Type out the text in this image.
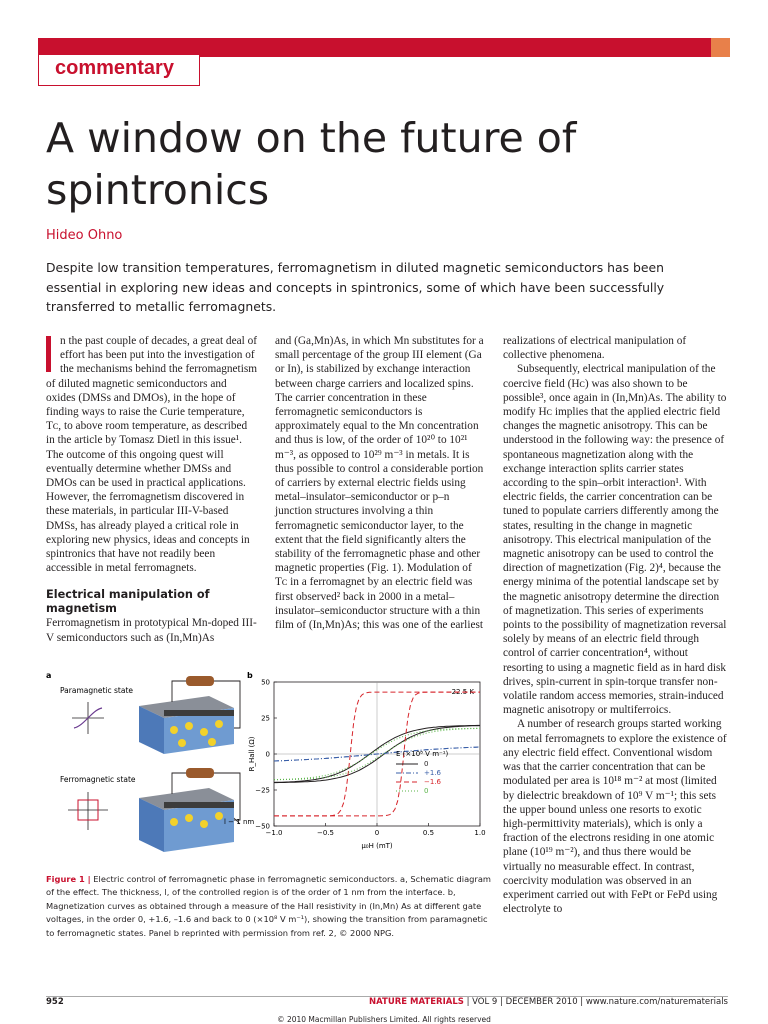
commentary
A window on the future of spintronics
Hideo Ohno

Despite low transition temperatures, ferromagnetism in diluted magnetic semiconductors has been essential in exploring new ideas and concepts in spintronics, some of which have been successfully transferred to metallic ferromagnets.

n the past couple of decades, a great deal of effort has been put into the investigation of the mechanisms behind the ferromagnetism of diluted magnetic semiconductors and oxides (DMSs and DMOs), in the hope of finding ways to raise the Curie temperature, Tᴄ, to above room temperature, as described in the article by Tomasz Dietl in this issue¹. The outcome of this ongoing quest will eventually determine whether DMSs and DMOs can be used in practical applications. However, the ferromagnetism discovered in these materials, in particular III-V-based DMSs, has already played a critical role in exploring new physics, ideas and concepts in spintronics that have not readily been accessible in metal ferromagnets.

Electrical manipulation of magnetism

Ferromagnetism in prototypical Mn-doped III-V semiconductors such as (In,Mn)As

and (Ga,Mn)As, in which Mn substitutes for a small percentage of the group III element (Ga or In), is stabilized by exchange interaction between charge carriers and localized spins. The carrier concentration in these ferromagnetic semiconductors is approximately equal to the Mn concentration and thus is low, of the order of 10²⁰ to 10²¹ m⁻³, as opposed to 10²⁹ m⁻³ in metals. It is thus possible to control a considerable portion of carriers by external electric fields using metal–insulator–semiconductor or p–n junction structures involving a thin ferromagnetic semiconductor layer, to the extent that the field significantly alters the stability of the ferromagnetic phase and other magnetic properties (Fig. 1). Modulation of Tᴄ in a ferromagnet by an electric field was first observed² back in 2000 in a metal–insulator–semiconductor structure with a thin film of (In,Mn)As; this was one of the earliest

realizations of electrical manipulation of collective phenomena.

Subsequently, electrical manipulation of the coercive field (Hᴄ) was also shown to be possible³, once again in (In,Mn)As. The ability to modify Hᴄ implies that the applied electric field changes the magnetic anisotropy. This can be understood in the following way: the presence of spontaneous magnetization along with the exchange interaction splits carrier states according to the spin–orbit interaction¹. With electric fields, the carrier concentration can be tuned to populate carriers differently among the states, resulting in the change in magnetic anisotropy. This electrical manipulation of the magnetic anisotropy can be used to control the direction of magnetization (Fig. 2)⁴, because the energy minima of the potential landscape set by the magnetic anisotropy determine the direction of magnetization. This series of experiments points to the possibility of magnetization reversal solely by means of an electric field through control of carrier concentration⁴, without resorting to using a magnetic field as in hard disk drives, spin-current in spin-torque transfer non-volatile random access memories, strain-induced magnetic anisotropy or multiferroics.

A number of research groups started working on metal ferromagnets to explore the existence of any electric field effect. Conventional wisdom was that the carrier concentration that can be modulated per area is 10¹⁸ m⁻² at most (limited by dielectric breakdown of 10⁹ V m⁻¹; this sets the upper bound unless one resorts to exotic high-permittivity materials), which is only a fraction of the electrons residing in one atomic plane (10¹⁹ m⁻²), and thus there would be virtually no measurable effect. In contrast, coercivity modulation was observed in an experiment carried out with FePt or FePd using electrolyte to

a
Paramagnetic state
Ferromagnetic state
l − 1 nm
b
−1.0	−0.5	0	0.5	1.0
50
25
0
−25
−50
μ₀H (mT)
R_Hall (Ω)
22.5 K
E (×10⁸ V m⁻¹)
0
+1.6
−1.6
0

Figure 1 | Electric control of ferromagnetic phase in ferromagnetic semiconductors. a, Schematic diagram of the effect. The thickness, l, of the controlled region is of the order of 1 nm from the interface. b, Magnetization curves as obtained through a measure of the Hall resistivity in (In,Mn) As at different gate voltages, in the order 0, +1.6, –1.6 and back to 0 (×10⁸ V m⁻¹), showing the transition from paramagnetic to ferromagnetic states. Panel b reprinted with permission from ref. 2, © 2000 NPG.

952	NATURE MATERIALS | VOL 9 | DECEMBER 2010 | www.nature.com/naturematerials
© 2010 Macmillan Publishers Limited. All rights reserved
